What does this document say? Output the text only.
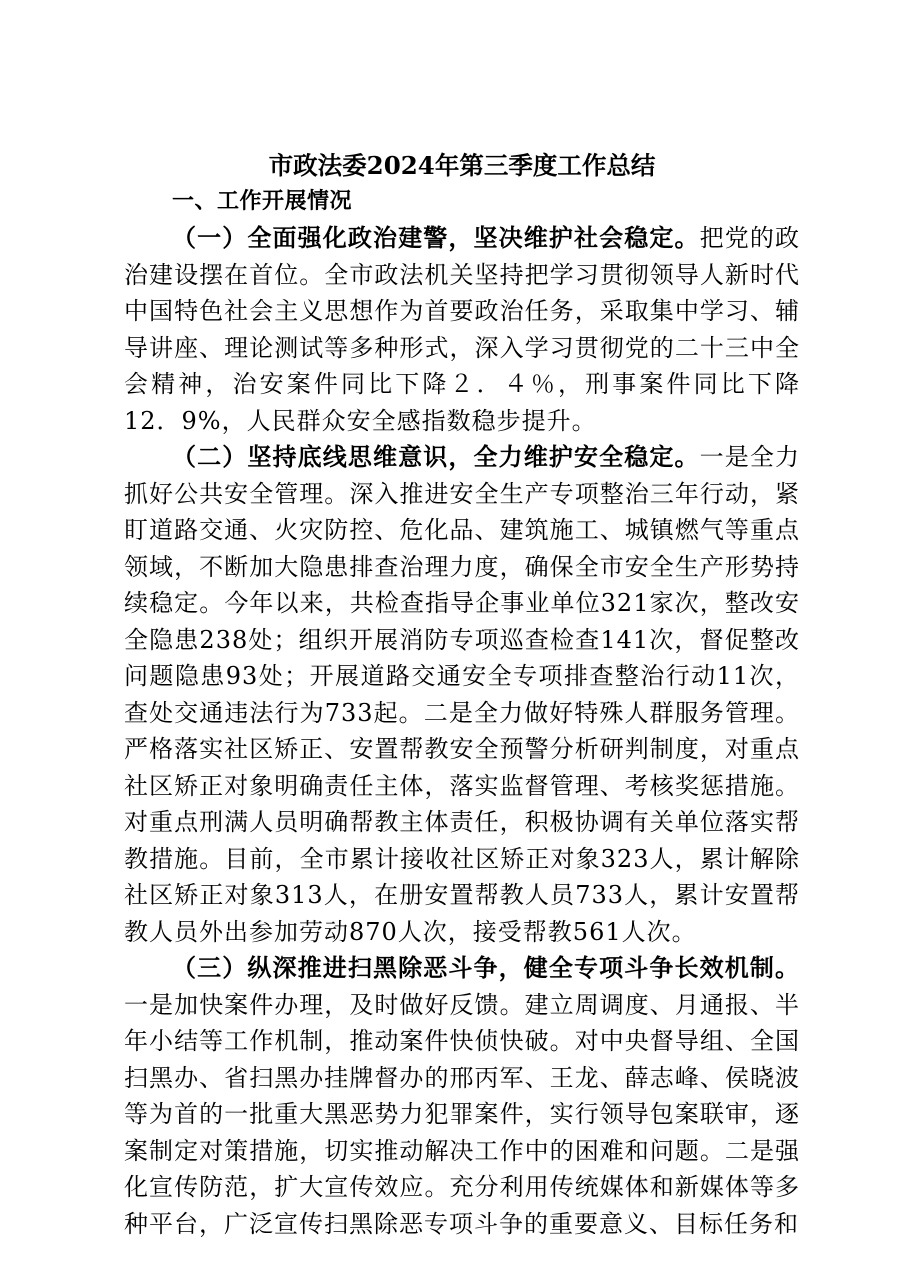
市政法委2024年第三季度工作总结
一、工作开展情况

（一）全面强化政治建警，坚决维护社会稳定。把党的政治建设摆在首位。全市政法机关坚持把学习贯彻领导人新时代中国特色社会主义思想作为首要政治任务，采取集中学习、辅导讲座、理论测试等多种形式，深入学习贯彻党的二十三中全会精神，治安案件同比下降２．４％，刑事案件同比下降12．9%，人民群众安全感指数稳步提升。

（二）坚持底线思维意识，全力维护安全稳定。一是全力抓好公共安全管理。深入推进安全生产专项整治三年行动，紧盯道路交通、火灾防控、危化品、建筑施工、城镇燃气等重点领域，不断加大隐患排查治理力度，确保全市安全生产形势持续稳定。今年以来，共检查指导企事业单位321家次，整改安全隐患238处；组织开展消防专项巡查检查141次，督促整改问题隐患93处；开展道路交通安全专项排查整治行动11次，查处交通违法行为733起。二是全力做好特殊人群服务管理。严格落实社区矫正、安置帮教安全预警分析研判制度，对重点社区矫正对象明确责任主体，落实监督管理、考核奖惩措施。对重点刑满人员明确帮教主体责任，积极协调有关单位落实帮教措施。目前，全市累计接收社区矫正对象323人，累计解除社区矫正对象313人，在册安置帮教人员733人，累计安置帮教人员外出参加劳动870人次，接受帮教561人次。

（三）纵深推进扫黑除恶斗争，健全专项斗争长效机制。一是加快案件办理，及时做好反馈。建立周调度、月通报、半年小结等工作机制，推动案件快侦快破。对中央督导组、全国扫黑办、省扫黑办挂牌督办的邢丙军、王龙、薛志峰、侯晓波等为首的一批重大黑恶势力犯罪案件，实行领导包案联审，逐案制定对策措施，切实推动解决工作中的困难和问题。二是强化宣传防范，扩大宣传效应。充分利用传统媒体和新媒体等多种平台，广泛宣传扫黑除恶专项斗争的重要意义、目标任务和
